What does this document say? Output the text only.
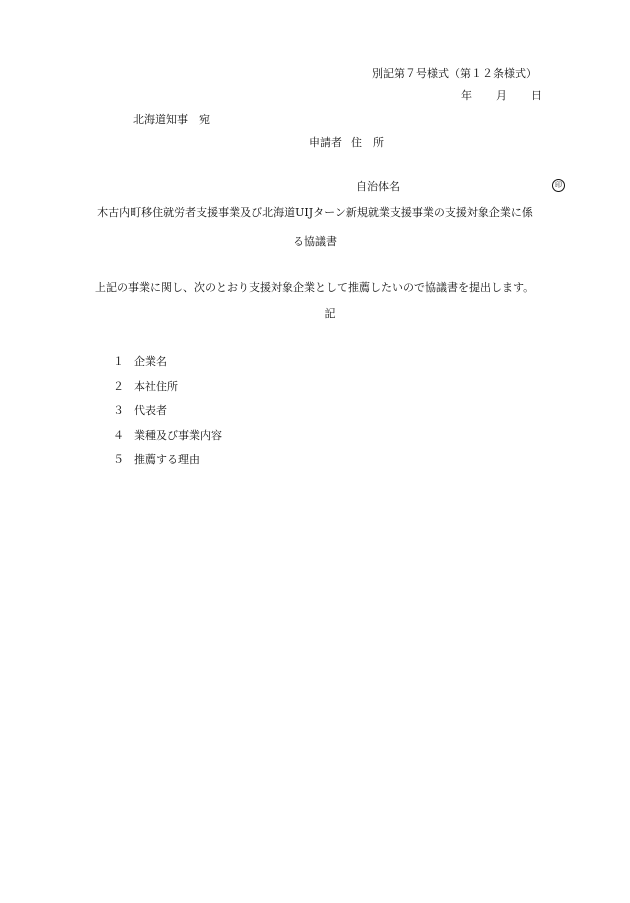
別記第７号様式（第１２条様式）
年 月 日
北海道知事　宛
申請者 住　所
自治体名	印
木古内町移住就労者支援事業及び北海道UIJターン新規就業支援事業の支援対象企業に係
る協議書
上記の事業に関し、次のとおり支援対象企業として推薦したいので協議書を提出します。
記
１ 企業名
２ 本社住所
３ 代表者
４ 業種及び事業内容
５ 推薦する理由
